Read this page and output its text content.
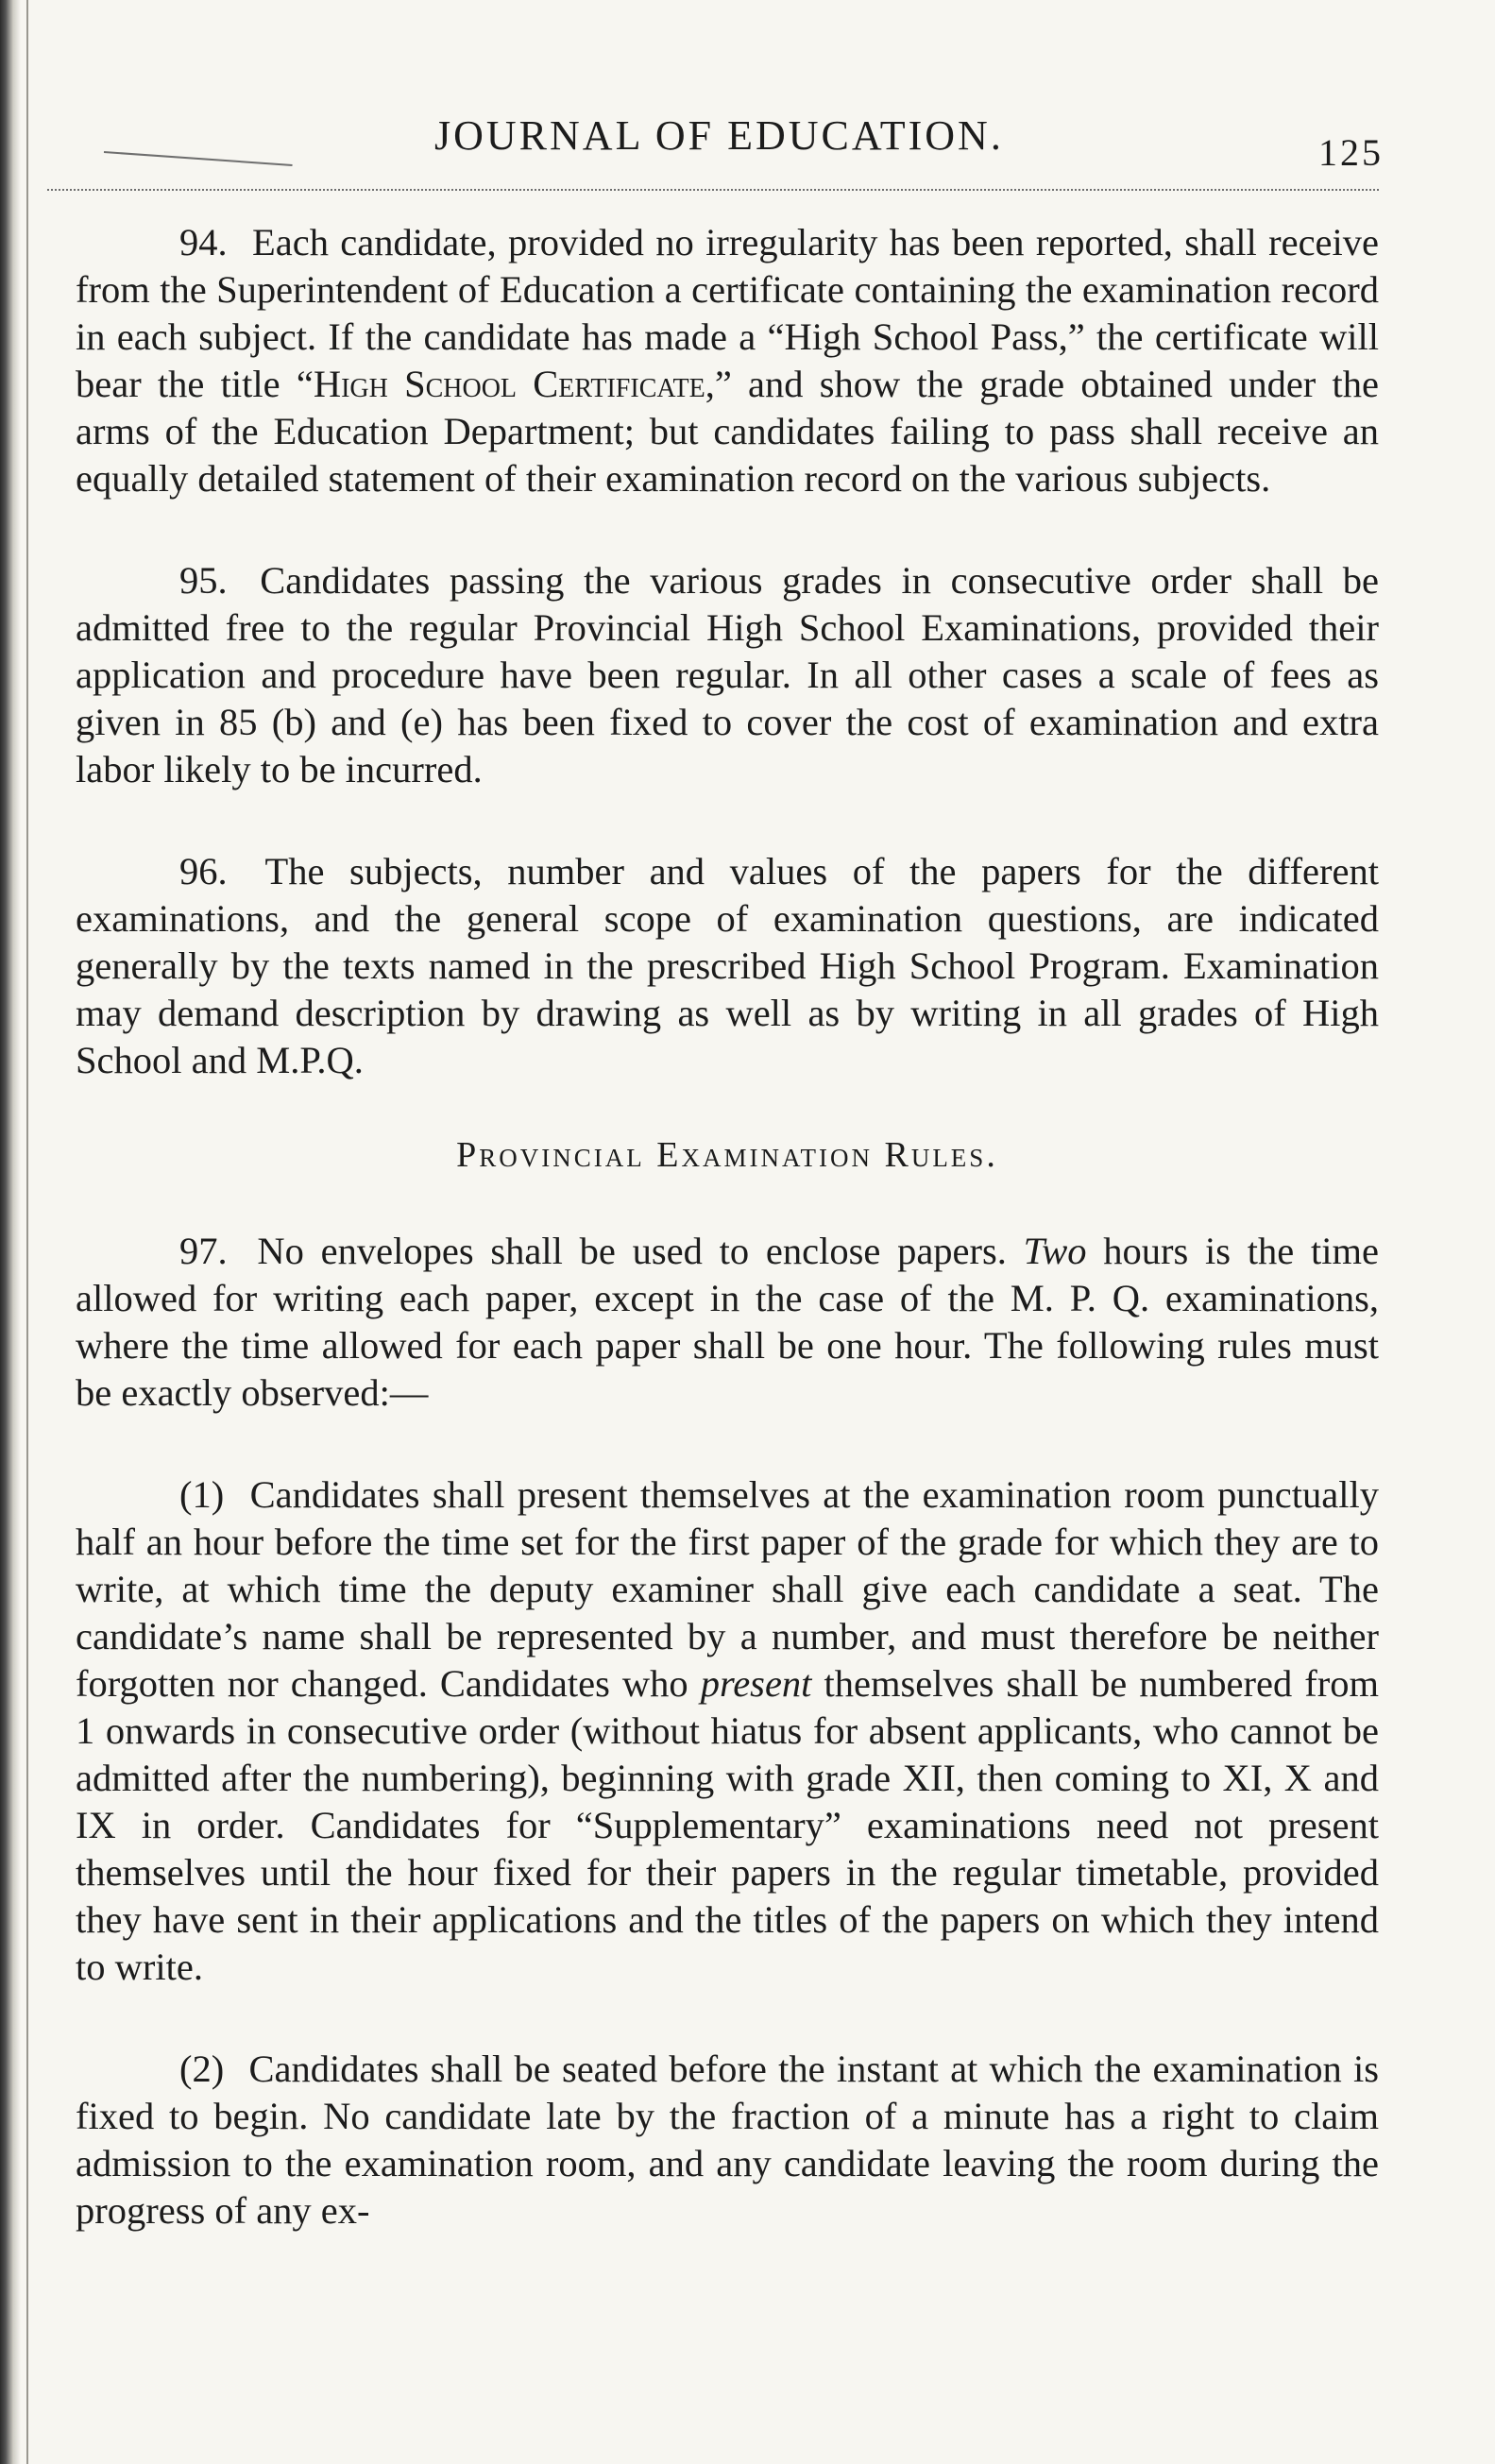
JOURNAL OF EDUCATION.	125

94. Each candidate, provided no irregularity has been reported, shall receive from the Superintendent of Education a certificate containing the examination record in each subject. If the candidate has made a “High School Pass,” the certificate will bear the title “High School Certificate,” and show the grade obtained under the arms of the Education Department; but candidates failing to pass shall receive an equally detailed statement of their examination record on the various subjects.

95. Candidates passing the various grades in consecutive order shall be admitted free to the regular Provincial High School Examinations, provided their application and procedure have been regular. In all other cases a scale of fees as given in 85 (b) and (e) has been fixed to cover the cost of examination and extra labor likely to be incurred.

96. The subjects, number and values of the papers for the different examinations, and the general scope of examination questions, are indicated generally by the texts named in the prescribed High School Program. Examination may demand description by drawing as well as by writing in all grades of High School and M.P.Q.

Provincial Examination Rules.

97. No envelopes shall be used to enclose papers. Two hours is the time allowed for writing each paper, except in the case of the M. P. Q. examinations, where the time allowed for each paper shall be one hour. The following rules must be exactly observed:—

(1) Candidates shall present themselves at the examination room punctually half an hour before the time set for the first paper of the grade for which they are to write, at which time the deputy examiner shall give each candidate a seat. The candidate’s name shall be represented by a number, and must therefore be neither forgotten nor changed. Candidates who present themselves shall be numbered from 1 onwards in consecutive order (without hiatus for absent applicants, who cannot be admitted after the numbering), beginning with grade XII, then coming to XI, X and IX in order. Candidates for “Supplementary” examinations need not present themselves until the hour fixed for their papers in the regular timetable, provided they have sent in their applications and the titles of the papers on which they intend to write.

(2) Candidates shall be seated before the instant at which the examination is fixed to begin. No candidate late by the fraction of a minute has a right to claim admission to the examination room, and any candidate leaving the room during the progress of any ex-
